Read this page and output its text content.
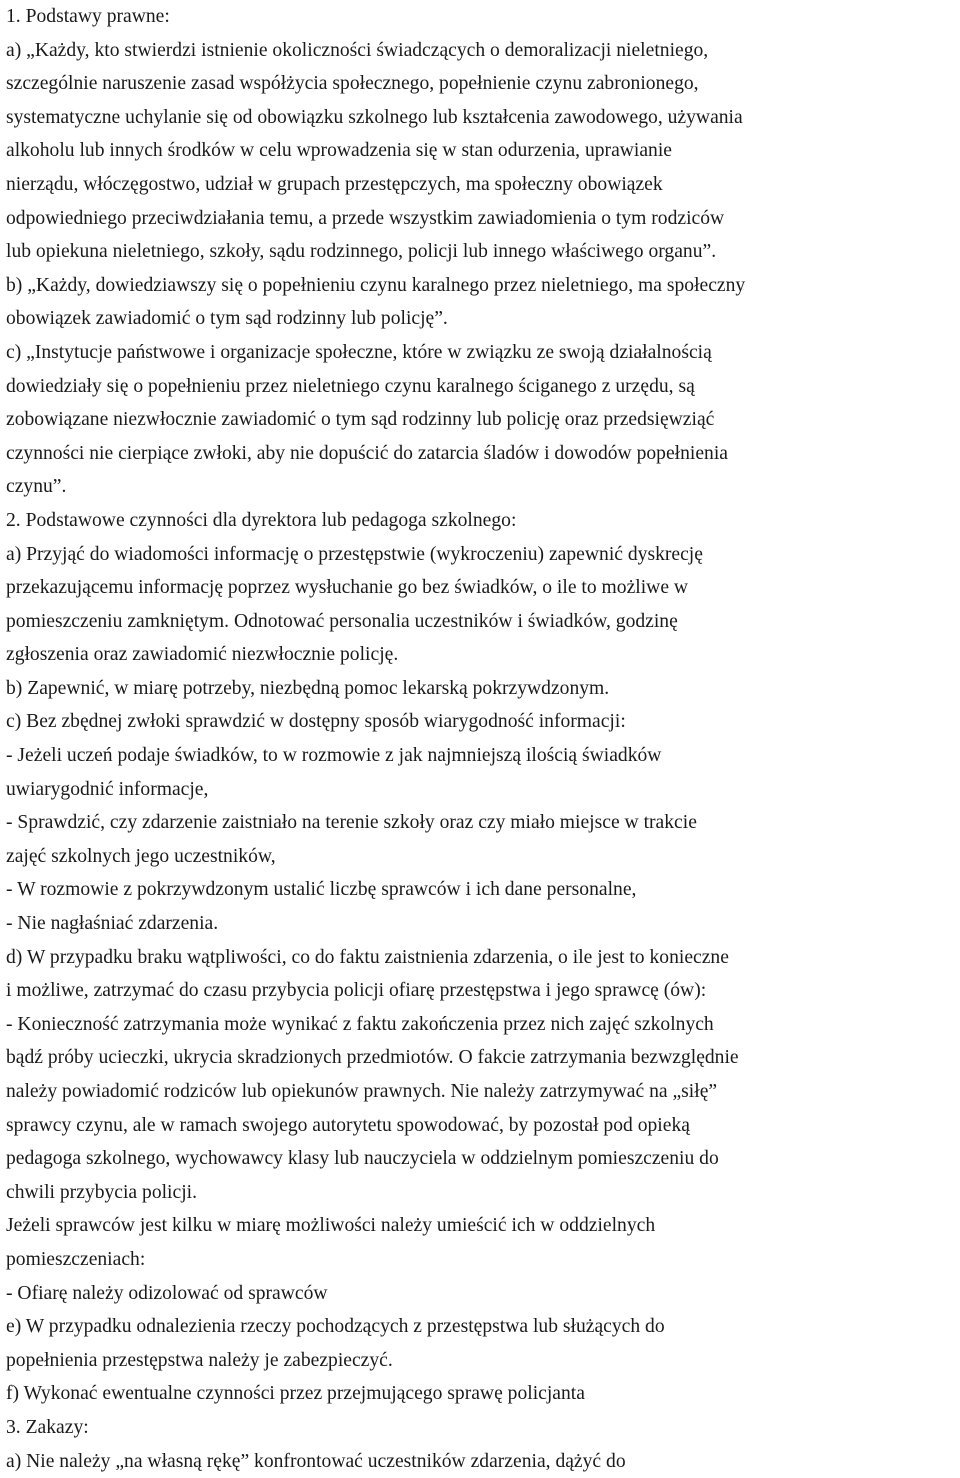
1. Podstawy prawne:
a) „Każdy, kto stwierdzi istnienie okoliczności świadczących o demoralizacji nieletniego,
szczególnie naruszenie zasad współżycia społecznego, popełnienie czynu zabronionego,
systematyczne uchylanie się od obowiązku szkolnego lub kształcenia zawodowego, używania
alkoholu lub innych środków w celu wprowadzenia się w stan odurzenia, uprawianie
nierządu, włóczęgostwo, udział w grupach przestępczych, ma społeczny obowiązek
odpowiedniego przeciwdziałania temu, a przede wszystkim zawiadomienia o tym rodziców
lub opiekuna nieletniego, szkoły, sądu rodzinnego, policji lub innego właściwego organu”.
b) „Każdy, dowiedziawszy się o popełnieniu czynu karalnego przez nieletniego, ma społeczny
obowiązek zawiadomić o tym sąd rodzinny lub policję”.
c) „Instytucje państwowe i organizacje społeczne, które w związku ze swoją działalnością
dowiedziały się o popełnieniu przez nieletniego czynu karalnego ściganego z urzędu, są
zobowiązane niezwłocznie zawiadomić o tym sąd rodzinny lub policję oraz przedsięwziąć
czynności nie cierpiące zwłoki, aby nie dopuścić do zatarcia śladów i dowodów popełnienia
czynu”.
2. Podstawowe czynności dla dyrektora lub pedagoga szkolnego:
a) Przyjąć do wiadomości informację o przestępstwie (wykroczeniu) zapewnić dyskrecję
przekazującemu informację poprzez wysłuchanie go bez świadków, o ile to możliwe w
pomieszczeniu zamkniętym. Odnotować personalia uczestników i świadków, godzinę
zgłoszenia oraz zawiadomić niezwłocznie policję.
b) Zapewnić, w miarę potrzeby, niezbędną pomoc lekarską pokrzywdzonym.
c) Bez zbędnej zwłoki sprawdzić w dostępny sposób wiarygodność informacji:
- Jeżeli uczeń podaje świadków, to w rozmowie z jak najmniejszą ilością świadków
uwiarygodnić informacje,
- Sprawdzić, czy zdarzenie zaistniało na terenie szkoły oraz czy miało miejsce w trakcie
zajęć szkolnych jego uczestników,
- W rozmowie z pokrzywdzonym ustalić liczbę sprawców i ich dane personalne,
- Nie nagłaśniać zdarzenia.
d) W przypadku braku wątpliwości, co do faktu zaistnienia zdarzenia, o ile jest to konieczne
i możliwe, zatrzymać do czasu przybycia policji ofiarę przestępstwa i jego sprawcę (ów):
- Konieczność zatrzymania może wynikać z faktu zakończenia przez nich zajęć szkolnych
bądź próby ucieczki, ukrycia skradzionych przedmiotów. O fakcie zatrzymania bezwzględnie
należy powiadomić rodziców lub opiekunów prawnych. Nie należy zatrzymywać na „siłę”
sprawcy czynu, ale w ramach swojego autorytetu spowodować, by pozostał pod opieką
pedagoga szkolnego, wychowawcy klasy lub nauczyciela w oddzielnym pomieszczeniu do
chwili przybycia policji.
Jeżeli sprawców jest kilku w miarę możliwości należy umieścić ich w oddzielnych
pomieszczeniach:
- Ofiarę należy odizolować od sprawców
e) W przypadku odnalezienia rzeczy pochodzących z przestępstwa lub służących do
popełnienia przestępstwa należy je zabezpieczyć.
f) Wykonać ewentualne czynności przez przejmującego sprawę policjanta
3. Zakazy:
a) Nie należy „na własną rękę” konfrontować uczestników zdarzenia, dążyć do
